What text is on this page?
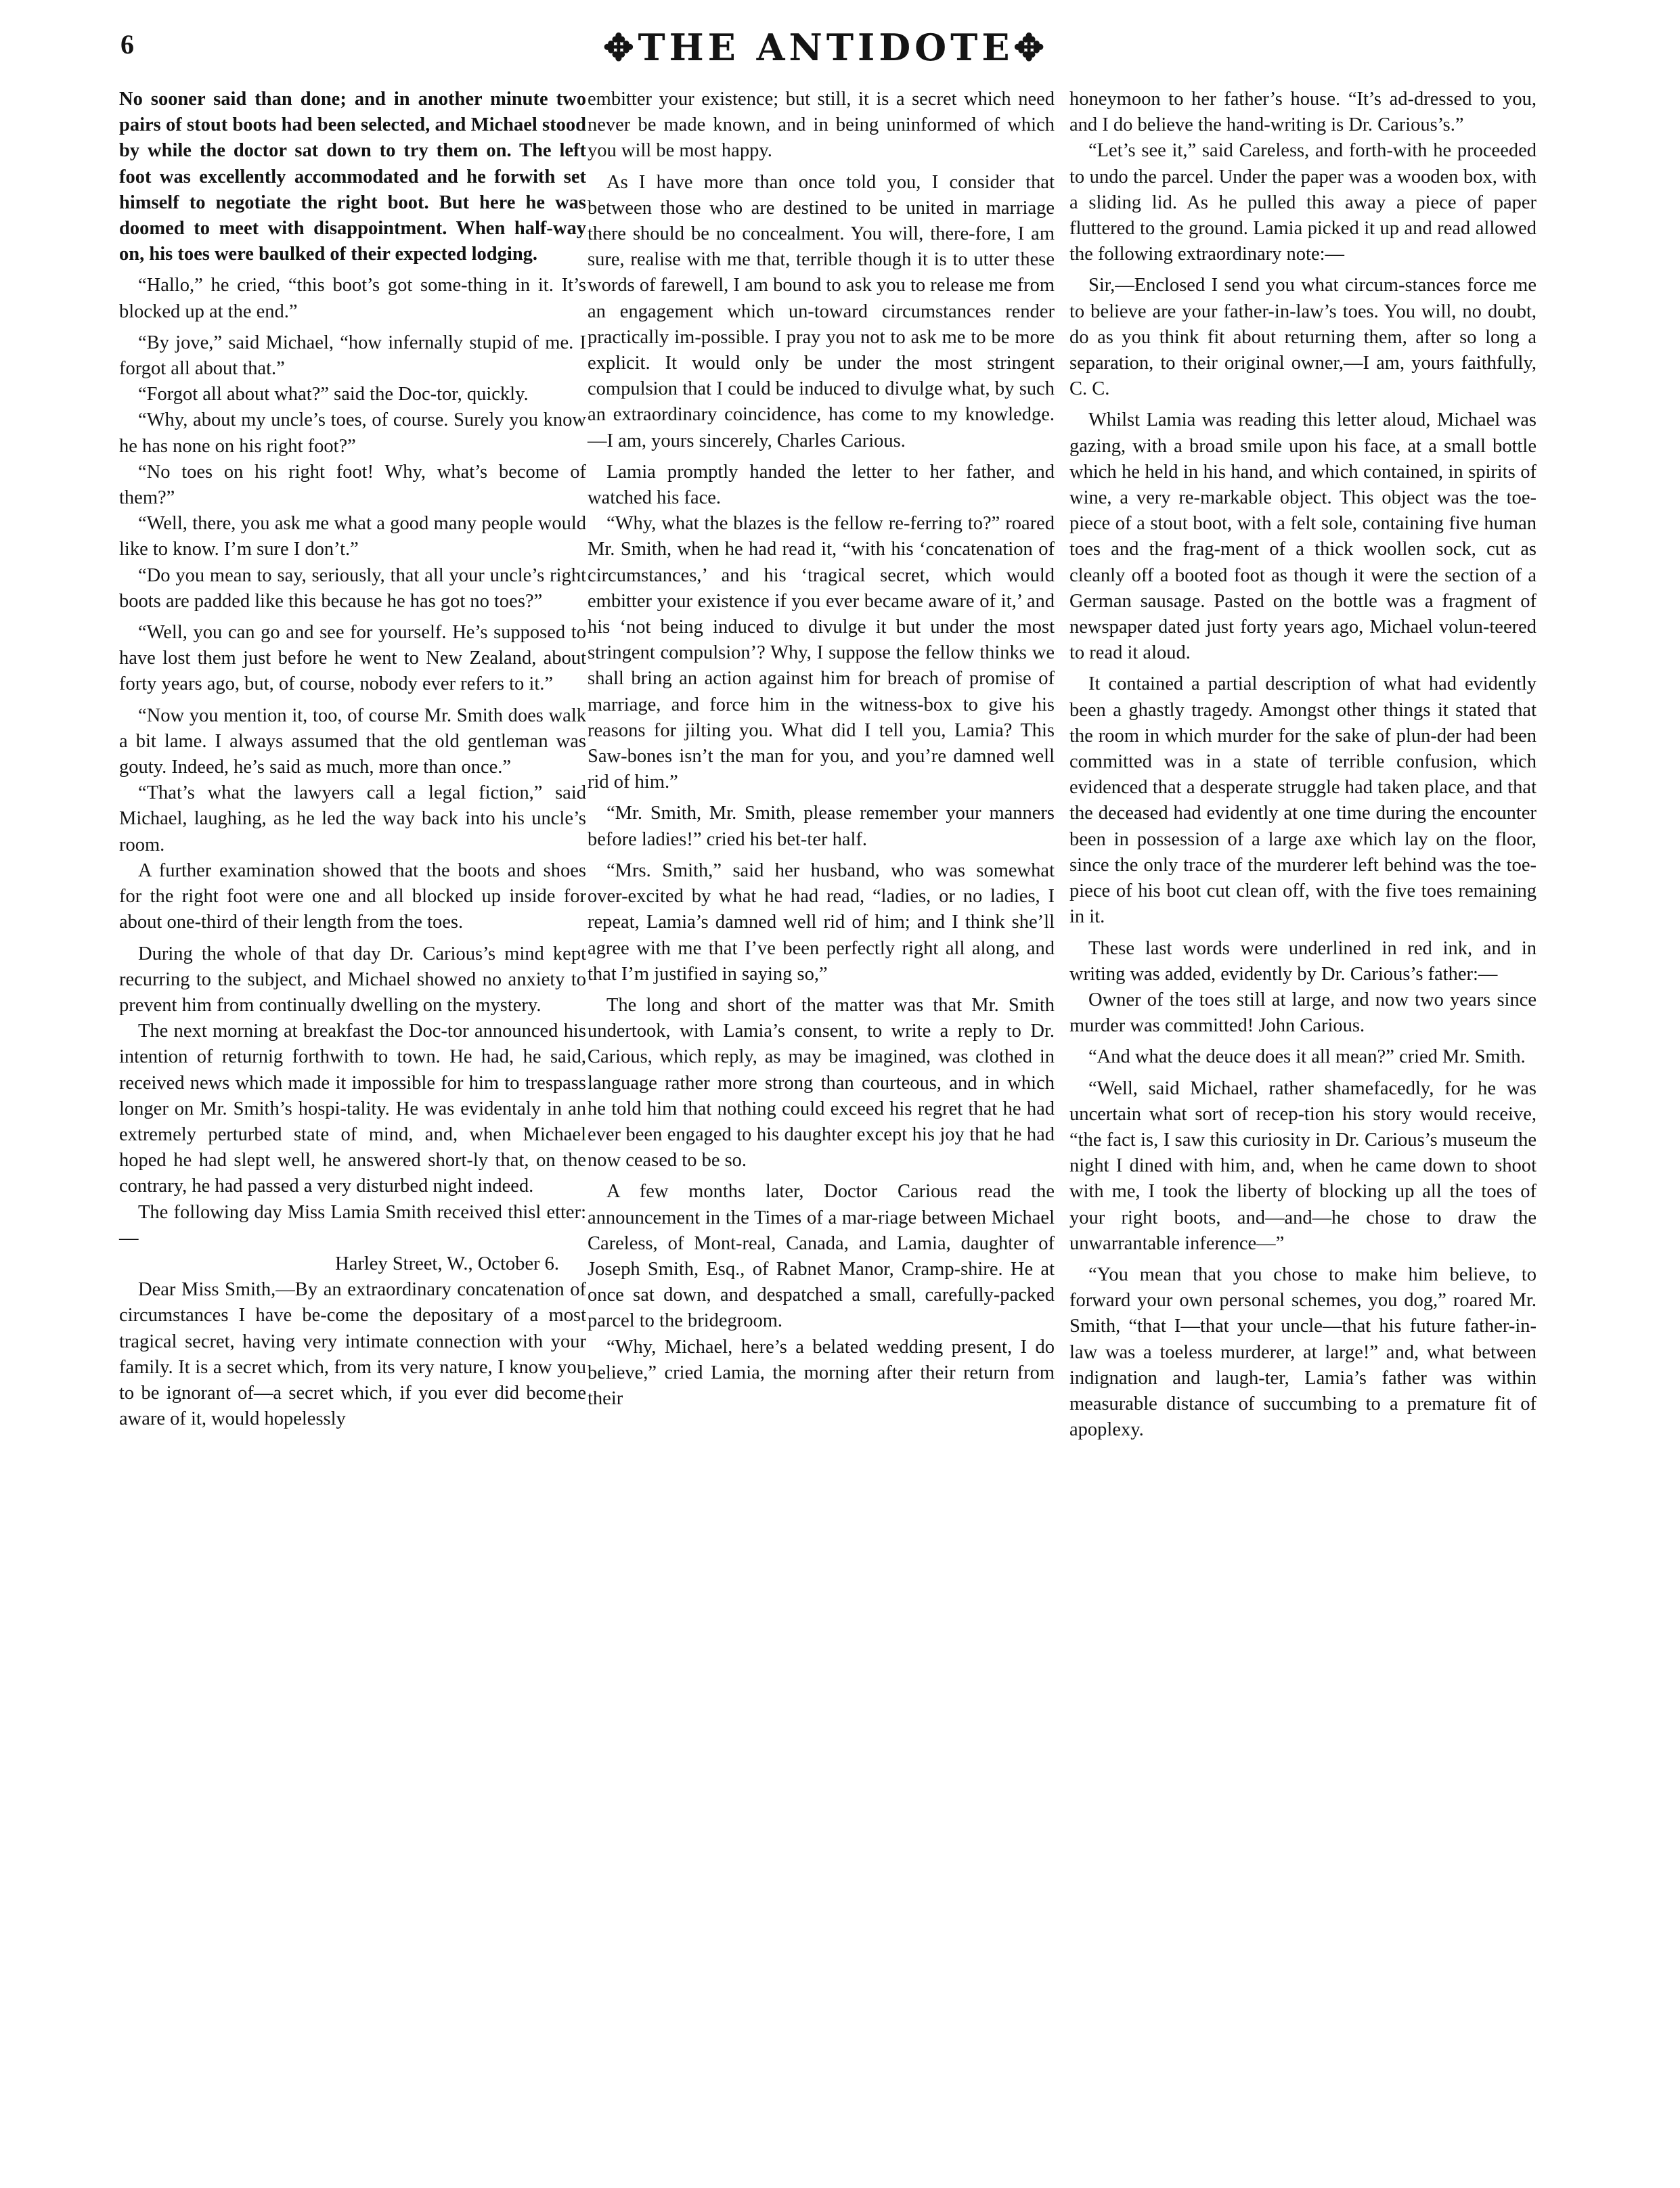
6	✥THE ANTIDOTE✥

No sooner said than done; and in another minute two pairs of stout boots had been selected, and Michael stood by while the doctor sat down to try them on. The left foot was excellently accommodated and he forwith set himself to negotiate the right boot. But here he was doomed to meet with disappointment. When half-way on, his toes were baulked of their expected lodging.

“Hallo,” he cried, “this boot’s got some-thing in it. It’s blocked up at the end.”

“By jove,” said Michael, “how infernally stupid of me. I forgot all about that.”

“Forgot all about what?” said the Doc-tor, quickly.

“Why, about my uncle’s toes, of course. Surely you know he has none on his right foot?”

“No toes on his right foot! Why, what’s become of them?”

“Well, there, you ask me what a good many people would like to know. I’m sure I don’t.”

“Do you mean to say, seriously, that all your uncle’s right boots are padded like this because he has got no toes?”

“Well, you can go and see for yourself. He’s supposed to have lost them just before he went to New Zealand, about forty years ago, but, of course, nobody ever refers to it.”

“Now you mention it, too, of course Mr. Smith does walk a bit lame. I always assumed that the old gentleman was gouty. Indeed, he’s said as much, more than once.”

“That’s what the lawyers call a legal fiction,” said Michael, laughing, as he led the way back into his uncle’s room.

A further examination showed that the boots and shoes for the right foot were one and all blocked up inside for about one-third of their length from the toes.

During the whole of that day Dr. Carious’s mind kept recurring to the subject, and Michael showed no anxiety to prevent him from continually dwelling on the mystery.

The next morning at breakfast the Doc-tor announced his intention of returnig forthwith to town. He had, he said, received news which made it impossible for him to trespass longer on Mr. Smith’s hospi-tality. He was evidentaly in an extremely perturbed state of mind, and, when Michael hoped he had slept well, he answered short-ly that, on the contrary, he had passed a very disturbed night indeed.

The following day Miss Lamia Smith received thisl etter:—

Harley Street, W., October 6.

Dear Miss Smith,—By an extraordinary concatenation of circumstances I have be-come the depositary of a most tragical secret, having very intimate connection with your family. It is a secret which, from its very nature, I know you to be ignorant of—a secret which, if you ever did become aware of it, would hopelessly

embitter your existence; but still, it is a secret which need never be made known, and in being uninformed of which you will be most happy.

As I have more than once told you, I consider that between those who are destined to be united in marriage there should be no concealment. You will, there-fore, I am sure, realise with me that, terrible though it is to utter these words of farewell, I am bound to ask you to release me from an engagement which un-toward circumstances render practically im-possible. I pray you not to ask me to be more explicit. It would only be under the most stringent compulsion that I could be induced to divulge what, by such an extraordinary coincidence, has come to my knowledge.—I am, yours sincerely, Charles Carious.

Lamia promptly handed the letter to her father, and watched his face.

“Why, what the blazes is the fellow re-ferring to?” roared Mr. Smith, when he had read it, “with his ‘concatenation of circumstances,’ and his ‘tragical secret, which would embitter your existence if you ever became aware of it,’ and his ‘not being induced to divulge it but under the most stringent compulsion’? Why, I suppose the fellow thinks we shall bring an action against him for breach of promise of marriage, and force him in the witness-box to give his reasons for jilting you. What did I tell you, Lamia? This Saw-bones isn’t the man for you, and you’re damned well rid of him.”

“Mr. Smith, Mr. Smith, please remember your manners before ladies!” cried his bet-ter half.

“Mrs. Smith,” said her husband, who was somewhat over-excited by what he had read, “ladies, or no ladies, I repeat, Lamia’s damned well rid of him; and I think she’ll agree with me that I’ve been perfectly right all along, and that I’m justified in saying so,”

The long and short of the matter was that Mr. Smith undertook, with Lamia’s consent, to write a reply to Dr. Carious, which reply, as may be imagined, was clothed in language rather more strong than courteous, and in which he told him that nothing could exceed his regret that he had ever been engaged to his daughter except his joy that he had now ceased to be so.

A few months later, Doctor Carious read the announcement in the Times of a mar-riage between Michael Careless, of Mont-real, Canada, and Lamia, daughter of Joseph Smith, Esq., of Rabnet Manor, Cramp-shire. He at once sat down, and despatched a small, carefully-packed parcel to the bridegroom.

“Why, Michael, here’s a belated wedding present, I do believe,” cried Lamia, the morning after their return from their

honeymoon to her father’s house. “It’s ad-dressed to you, and I do believe the hand-writing is Dr. Carious’s.”

“Let’s see it,” said Careless, and forth-with he proceeded to undo the parcel. Under the paper was a wooden box, with a sliding lid. As he pulled this away a piece of paper fluttered to the ground. Lamia picked it up and read allowed the following extraordinary note:—

Sir,—Enclosed I send you what circum-stances force me to believe are your father-in-law’s toes. You will, no doubt, do as you think fit about returning them, after so long a separation, to their original owner,—I am, yours faithfully, C. C.

Whilst Lamia was reading this letter aloud, Michael was gazing, with a broad smile upon his face, at a small bottle which he held in his hand, and which contained, in spirits of wine, a very re-markable object. This object was the toe-piece of a stout boot, with a felt sole, containing five human toes and the frag-ment of a thick woollen sock, cut as cleanly off a booted foot as though it were the section of a German sausage. Pasted on the bottle was a fragment of newspaper dated just forty years ago, Michael volun-teered to read it aloud.

It contained a partial description of what had evidently been a ghastly tragedy. Amongst other things it stated that the room in which murder for the sake of plun-der had been committed was in a state of terrible confusion, which evidenced that a desperate struggle had taken place, and that the deceased had evidently at one time during the encounter been in possession of a large axe which lay on the floor, since the only trace of the murderer left behind was the toe-piece of his boot cut clean off, with the five toes remaining in it.

These last words were underlined in red ink, and in writing was added, evidently by Dr. Carious’s father:—

Owner of the toes still at large, and now two years since murder was committed! John Carious.

“And what the deuce does it all mean?” cried Mr. Smith.

“Well, said Michael, rather shamefacedly, for he was uncertain what sort of recep-tion his story would receive, “the fact is, I saw this curiosity in Dr. Carious’s museum the night I dined with him, and, when he came down to shoot with me, I took the liberty of blocking up all the toes of your right boots, and—and—he chose to draw the unwarrantable inference—”

“You mean that you chose to make him believe, to forward your own personal schemes, you dog,” roared Mr. Smith, “that I—that your uncle—that his future father-in-law was a toeless murderer, at large!” and, what between indignation and laugh-ter, Lamia’s father was within measurable distance of succumbing to a premature fit of apoplexy.
